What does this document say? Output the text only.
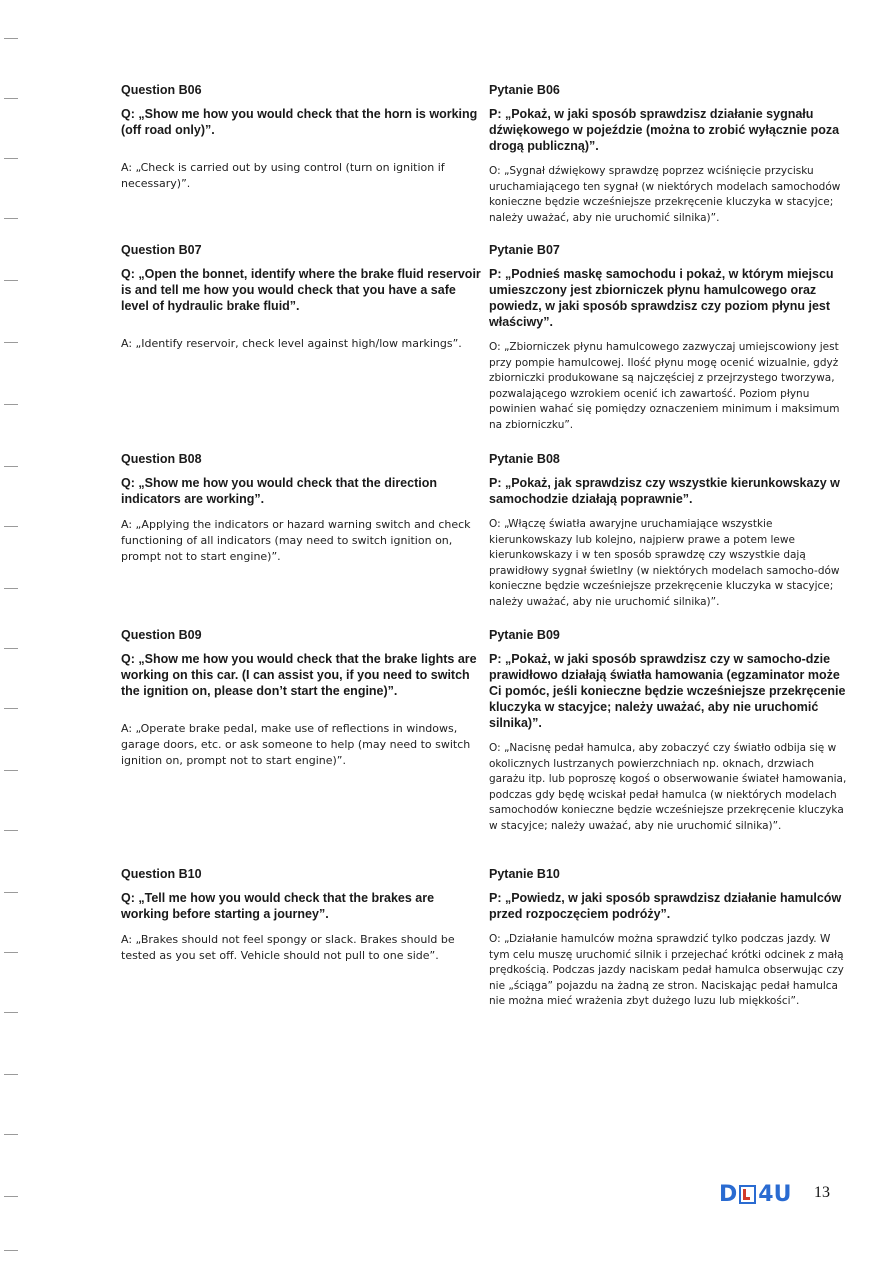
Question B06
Q: „Show me how you would check that the horn is working (off road only)”.
A: „Check is carried out by using control (turn on ignition if necessary)”.
Pytanie B06
P: „Pokaż, w jaki sposób sprawdzisz działanie sygnału dźwiękowego w pojeździe (można to zrobić wyłącznie poza drogą publiczną)”.
O: „Sygnał dźwiękowy sprawdzę poprzez wciśnięcie przycisku uruchamiającego ten sygnał (w niektórych modelach samochodów konieczne będzie wcześniejsze przekręcenie kluczyka w stacyjce; należy uważać, aby nie uruchomić silnika)”.
Question B07
Q: „Open the bonnet, identify where the brake fluid reservoir is and tell me how you would check that you have a safe level of hydraulic brake fluid”.
A: „Identify reservoir, check level against high/low markings”.
Pytanie B07
P: „Podnieś maskę samochodu i pokaż, w którym miejscu umieszczony jest zbiorniczek płynu hamulcowego oraz powiedz, w jaki sposób sprawdzisz czy poziom płynu jest właściwy”.
O: „Zbiorniczek płynu hamulcowego zazwyczaj umiejscowiony jest przy pompie hamulcowej. Ilość płynu mogę ocenić wizualnie, gdyż zbiorniczki produkowane są najczęściej z przejrzystego tworzywa, pozwalającego wzrokiem ocenić ich zawartość. Poziom płynu powinien wahać się pomiędzy oznaczeniem minimum i maksimum na zbiorniczku”.
Question B08
Q: „Show me how you would check that the direction indicators are working”.
A: „Applying the indicators or hazard warning switch and check functioning of all indicators (may need to switch ignition on, prompt not to start engine)”.
Pytanie B08
P: „Pokaż, jak sprawdzisz czy wszystkie kierunkowskazy w samochodzie działają poprawnie”.
O: „Włączę światła awaryjne uruchamiające wszystkie kierunkowskazy lub kolejno, najpierw prawe a potem lewe kierunkowskazy i w ten sposób sprawdzę czy wszystkie dają prawidłowy sygnał świetlny (w niektórych modelach samocho-dów konieczne będzie wcześniejsze przekręcenie kluczyka w stacyjce; należy uważać, aby nie uruchomić silnika)”.
Question B09
Q: „Show me how you would check that the brake lights are working on this car. (I can assist you, if you need to switch the ignition on, please don’t start the engine)”.
A: „Operate brake pedal, make use of reflections in windows, garage doors, etc. or ask someone to help (may need to switch ignition on, prompt not to start engine)”.
Pytanie B09
P: „Pokaż, w jaki sposób sprawdzisz czy w samocho-dzie prawidłowo działają światła hamowania (egzaminator może Ci pomóc, jeśli konieczne będzie wcześniejsze przekręcenie kluczyka w stacyjce; należy uważać, aby nie uruchomić silnika)”.
O: „Nacisnę pedał hamulca, aby zobaczyć czy światło odbija się w okolicznych lustrzanych powierzchniach np. oknach, drzwiach garażu itp. lub poproszę kogoś o obserwowanie świateł hamowania, podczas gdy będę wciskał pedał hamulca (w niektórych modelach samochodów konieczne będzie wcześniejsze przekręcenie kluczyka w stacyjce; należy uważać, aby nie uruchomić silnika)”.
Question B10
Q: „Tell me how you would check that the brakes are working before starting a journey”.
A: „Brakes should not feel spongy or slack. Brakes should be tested as you set off. Vehicle should not pull to one side”.
Pytanie B10
P: „Powiedz, w jaki sposób sprawdzisz działanie hamulców przed rozpoczęciem podróży”.
O: „Działanie hamulców można sprawdzić tylko podczas jazdy. W tym celu muszę uruchomić silnik i przejechać krótki odcinek z małą prędkością. Podczas jazdy naciskam pedał hamulca obserwując czy nie „ściąga” pojazdu na żadną ze stron. Naciskając pedał hamulca nie można mieć wrażenia zbyt dużego luzu lub miękkości”.
D 4U 13
